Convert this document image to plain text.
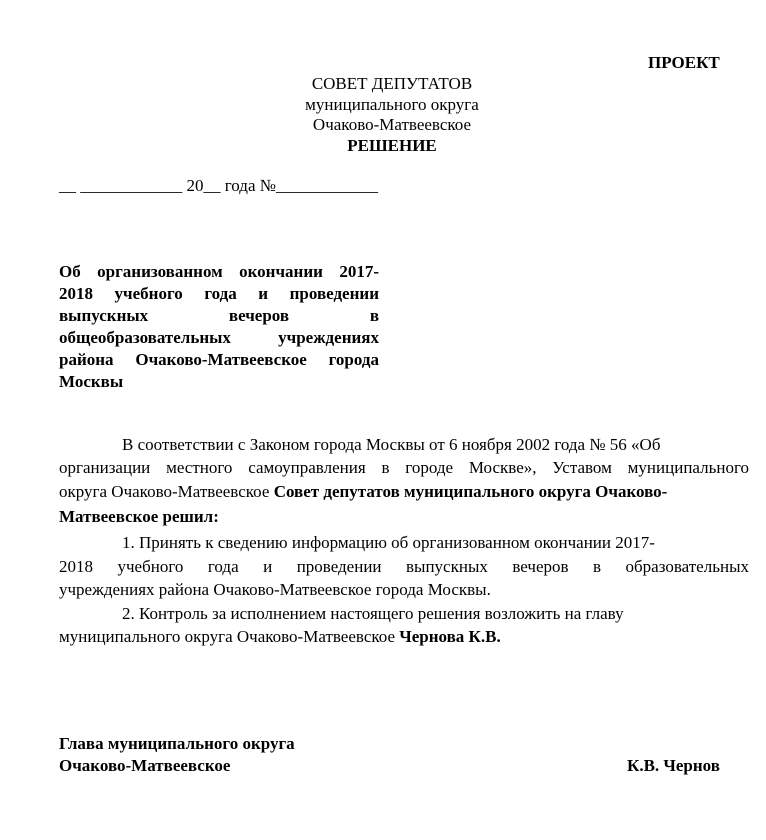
ПРОЕКТ
СОВЕТ ДЕПУТАТОВ
муниципального округа
Очаково-Матвеевское
РЕШЕНИЕ
__ ____________ 20__ года №____________
Об организованном окончании 2017-
2018 учебного года и проведении
выпускных вечеров в
общеобразовательных учреждениях
района Очаково-Матвеевское города
Москвы
В соответствии с Законом города Москвы от 6 ноября 2002 года № 56 «Об
организации местного самоуправления в городе Москве», Уставом муниципального
округа Очаково-Матвеевское Совет депутатов муниципального округа Очаково-
Матвеевское решил:
1. Принять к сведению информацию об организованном окончании 2017-
2018 учебного года и проведении выпускных вечеров в образовательных
учреждениях района Очаково-Матвеевское города Москвы.
2. Контроль за исполнением настоящего решения возложить на главу
муниципального округа Очаково-Матвеевское Чернова К.В.
Глава муниципального округа
Очаково-Матвеевское	К.В. Чернов
